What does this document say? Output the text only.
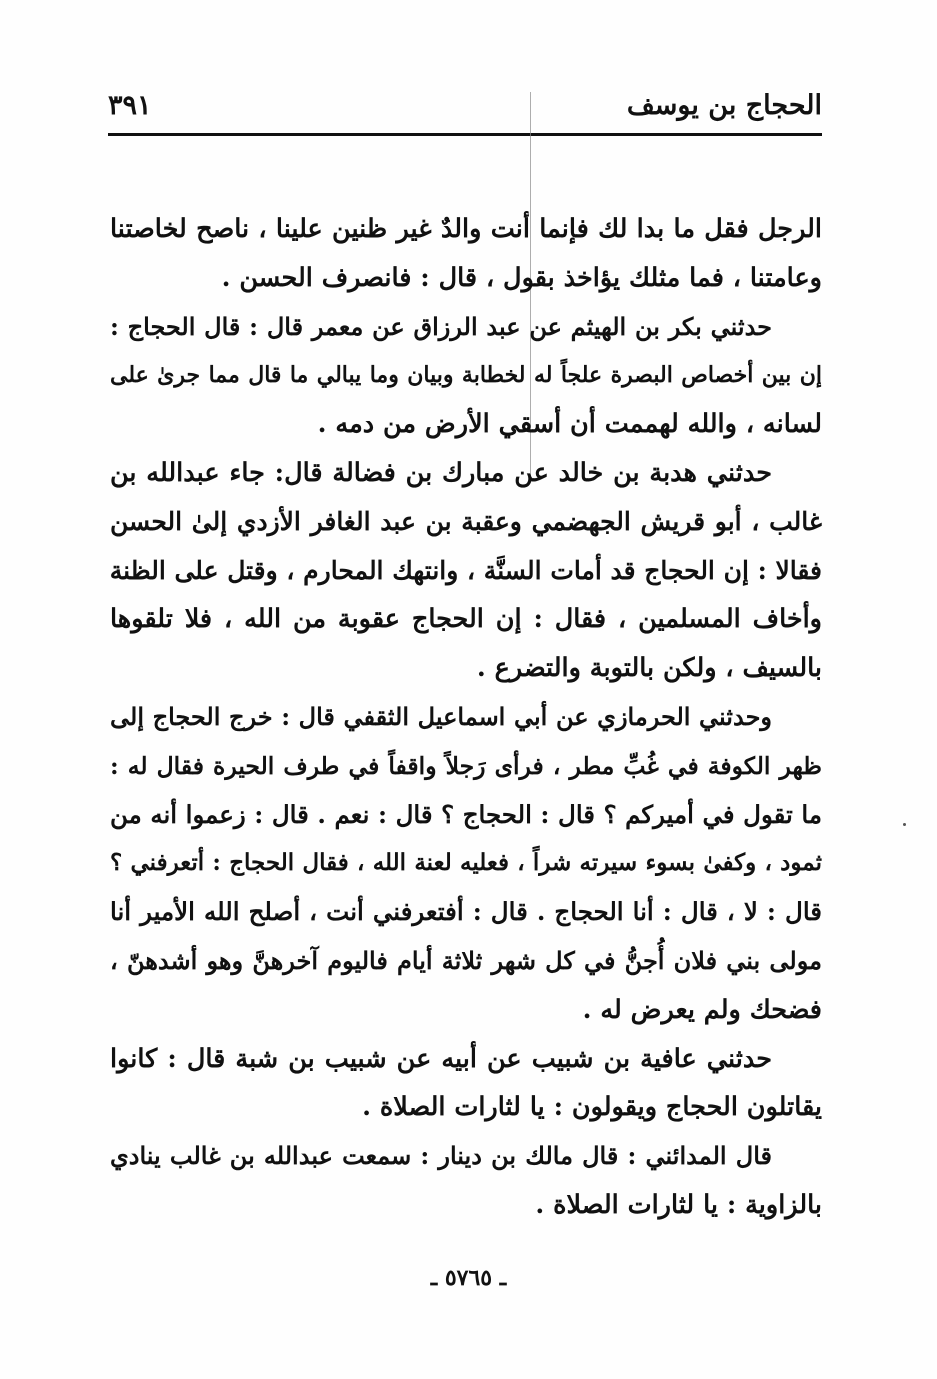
الحجاج بن يوسف
٣٩١
الرجل فقل ما بدا لك فإنما أنت والدٌ غير ظنين علينا ، ناصح لخاصتنا
وعامتنا ، فما مثلك يؤاخذ بقول ، قال : فانصرف الحسن .
حدثني بكر بن الهيثم عن عبد الرزاق عن معمر قال : قال الحجاج :
إن بين أخصاص البصرة علجاً له لخطابة وبيان وما يبالي ما قال مما جرىٰ على
لسانه ، والله لهممت أن أسقي الأرض من دمه .
حدثني هدبة بن خالد عن مبارك بن فضالة قال: جاء عبدالله بن
غالب ، أبو قريش الجهضمي وعقبة بن عبد الغافر الأزدي إلىٰ الحسن
فقالا : إن الحجاج قد أمات السنَّة ، وانتهك المحارم ، وقتل على الظنة
وأخاف المسلمين ، فقال : إن الحجاج عقوبة من الله ، فلا تلقوها
بالسيف ، ولكن بالتوبة والتضرع .
وحدثني الحرمازي عن أبي اسماعيل الثقفي قال : خرج الحجاج إلى
ظهر الكوفة في غُبِّ مطر ، فرأى رَجلاً واقفاً في طرف الحيرة فقال له :
ما تقول في أميركم ؟ قال : الحجاج ؟ قال : نعم . قال : زعموا أنه من
ثمود ، وكفىٰ بسوء سيرته شراً ، فعليه لعنة الله ، فقال الحجاج : أتعرفني ؟
قال : لا ، قال : أنا الحجاج . قال : أفتعرفني أنت ، أصلح الله الأمير أنا
مولى بني فلان أُجنُّ في كل شهر ثلاثة أيام فاليوم آخرهنَّ وهو أشدهنّ ،
فضحك ولم يعرض له .
حدثني عافية بن شبيب عن أبيه عن شبيب بن شبة قال : كانوا
يقاتلون الحجاج ويقولون : يا لثارات الصلاة .
قال المدائني : قال مالك بن دينار : سمعت عبدالله بن غالب ينادي
بالزاوية : يا لثارات الصلاة .
ـ ٥٧٦٥ ـ
